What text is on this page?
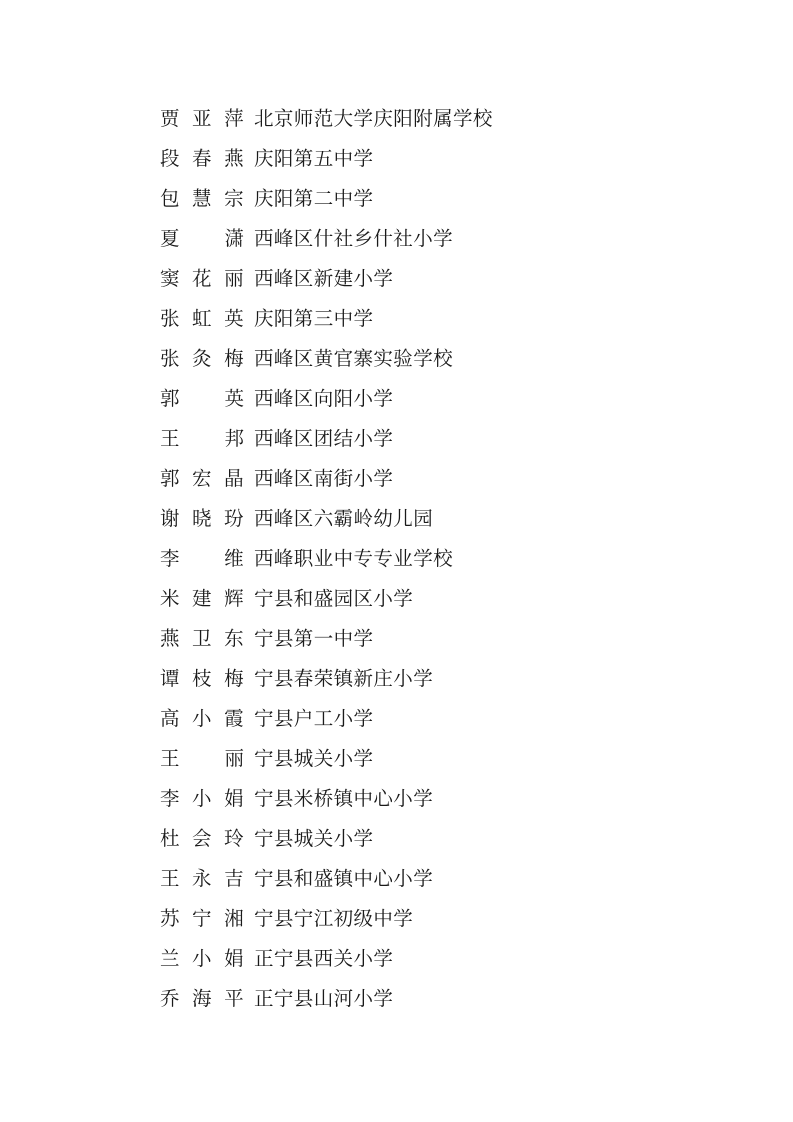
贾亚萍 北京师范大学庆阳附属学校
段春燕 庆阳第五中学
包慧宗 庆阳第二中学
夏潇 西峰区什社乡什社小学
窦花丽 西峰区新建小学
张虹英 庆阳第三中学
张灸梅 西峰区黄官寨实验学校
郭英 西峰区向阳小学
王邦 西峰区团结小学
郭宏晶 西峰区南街小学
谢晓玢 西峰区六霸岭幼儿园
李维 西峰职业中专专业学校
米建辉 宁县和盛园区小学
燕卫东 宁县第一中学
谭枝梅 宁县春荣镇新庄小学
高小霞 宁县户工小学
王丽 宁县城关小学
李小娟 宁县米桥镇中心小学
杜会玲 宁县城关小学
王永吉 宁县和盛镇中心小学
苏宁湘 宁县宁江初级中学
兰小娟 正宁县西关小学
乔海平 正宁县山河小学
